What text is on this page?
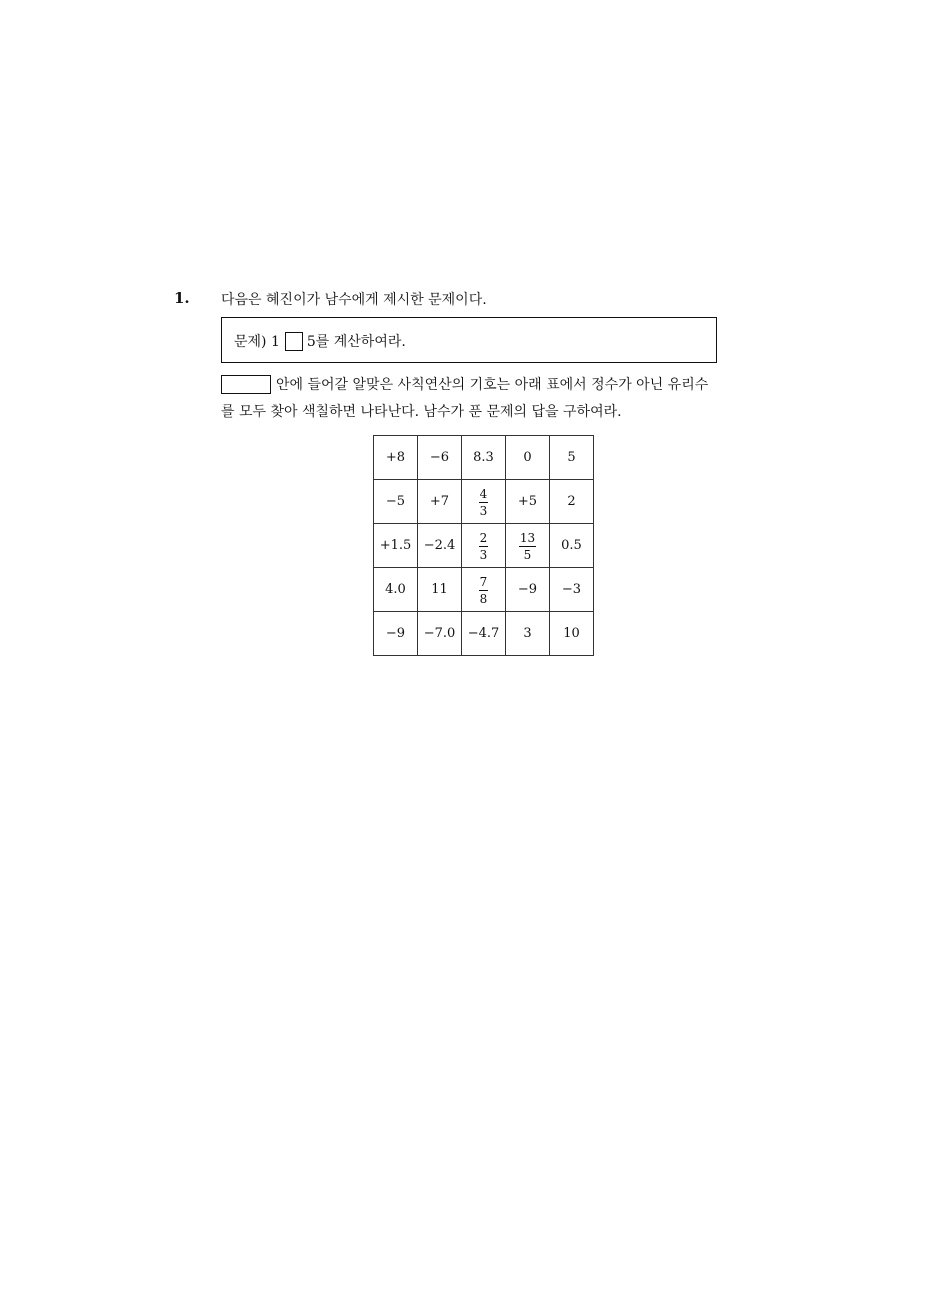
1. 다음은 혜진이가 남수에게 제시한 문제이다.
문제) 1 5를 계산하여라.
안에 들어갈 알맞은 사칙연산의 기호는 아래 표에서 정수가 아닌 유리수
를 모두 찾아 색칠하면 나타난다. 남수가 푼 문제의 답을 구하여라.
+8	−6	8.3	0	5
−5	+7	$\frac{4}{3}$	+5	2
+1.5	−2.4	$\frac{2}{3}$	$\frac{13}{5}$	0.5
4.0	11	$\frac{7}{8}$	−9	−3
−9	−7.0	−4.7	3	10
